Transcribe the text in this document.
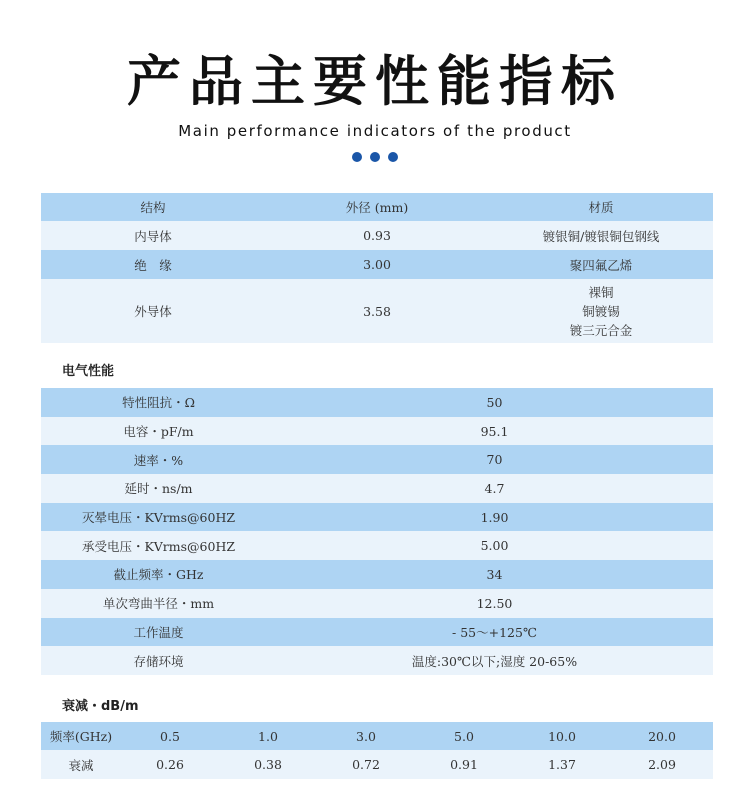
产品主要性能指标
Main performance indicators of the product
结构	外径 (mm)	材质
内导体	0.93	镀银铜/镀银铜包钢线
绝　缘	3.00	聚四氟乙烯
外导体	3.58	裸铜
铜镀锡
镀三元合金
电气性能
特性阻抗・Ω	50
电容・pF/m	95.1
速率・%	70
延时・ns/m	4.7
灭晕电压・KVrms@60HZ	1.90
承受电压・KVrms@60HZ	5.00
截止频率・GHz	34
单次弯曲半径・mm	12.50
工作温度	- 55～+125℃
存储环境	温度:30℃以下;湿度 20-65%
衰减・dB/m
频率(GHz)	0.5	1.0	3.0	5.0	10.0	20.0
衰减	0.26	0.38	0.72	0.91	1.37	2.09
